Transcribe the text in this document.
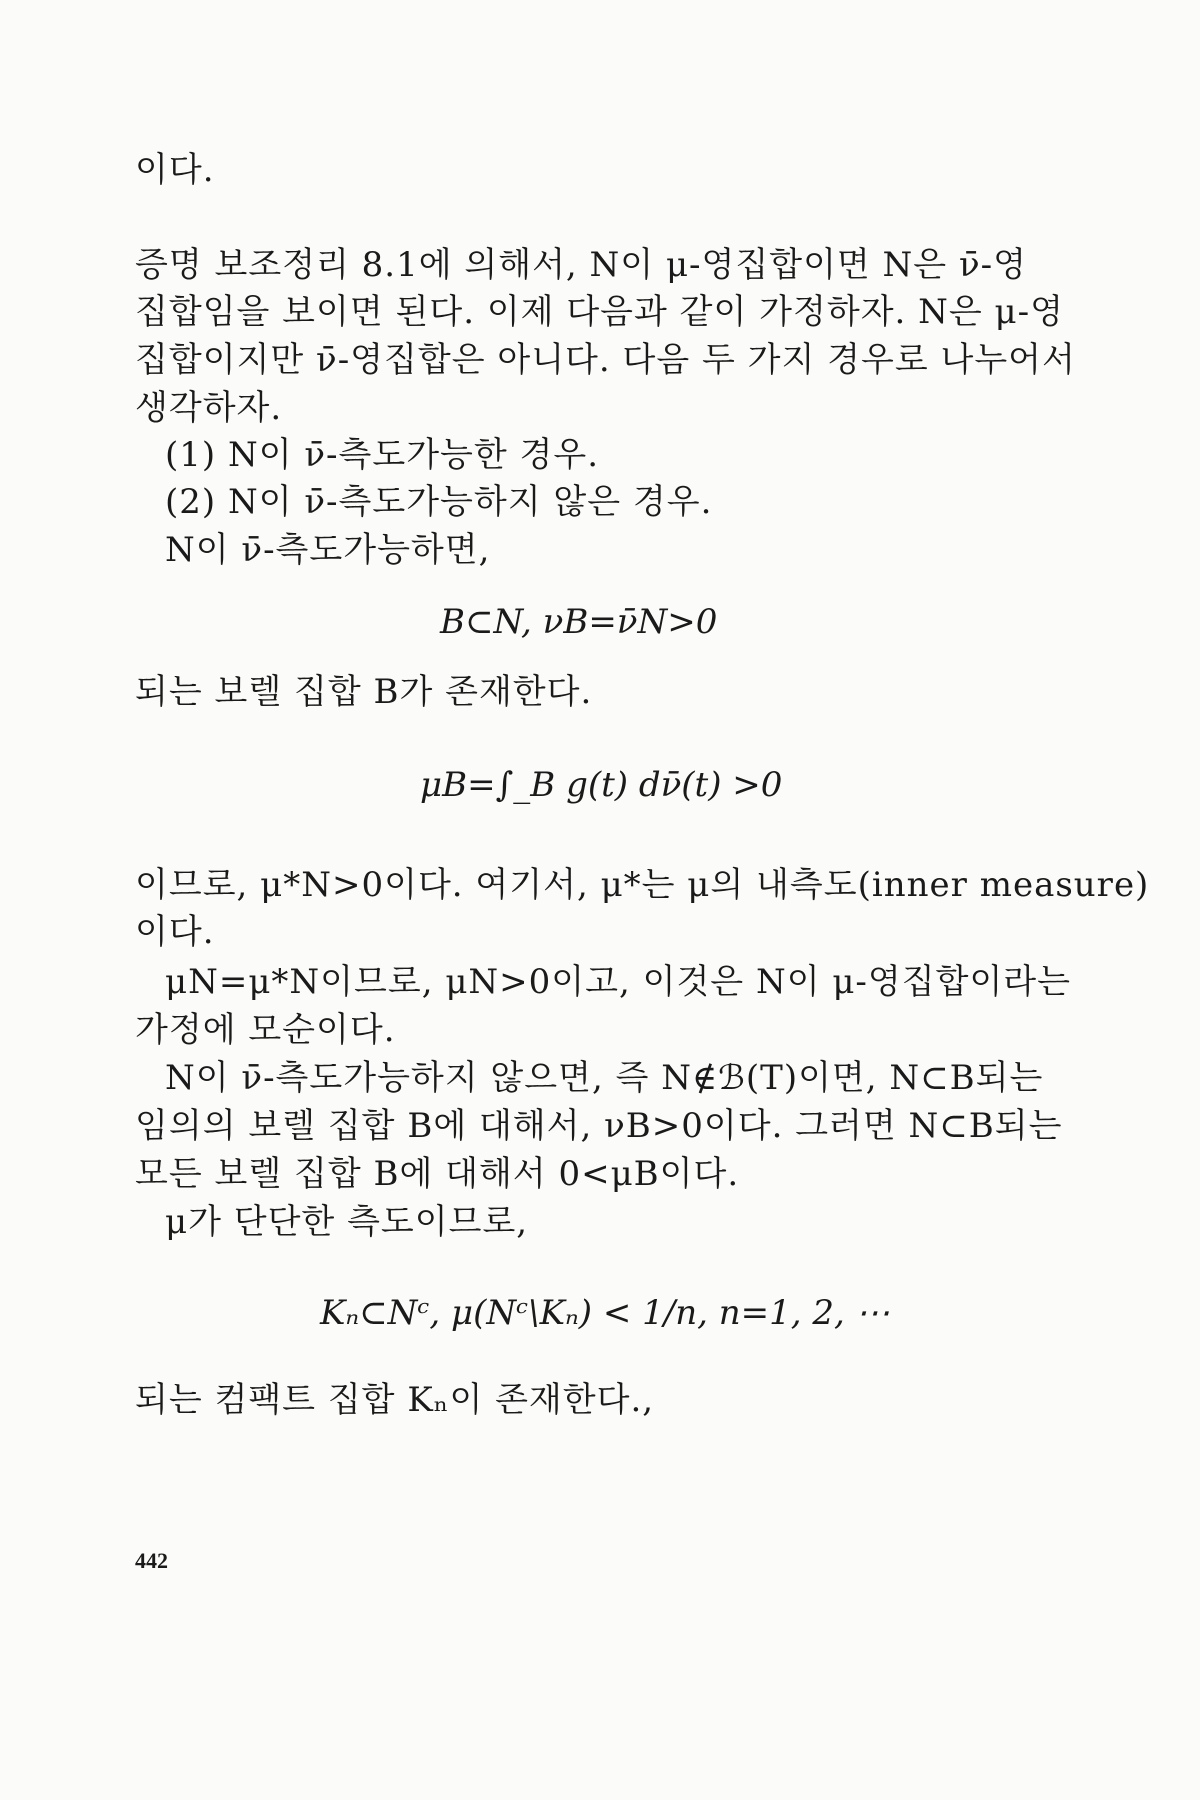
이다.
증명 보조정리 8.1에 의해서, N이 μ-영집합이면 N은 ν̄-영
집합임을 보이면 된다. 이제 다음과 같이 가정하자. N은 μ-영
집합이지만 ν̄-영집합은 아니다. 다음 두 가지 경우로 나누어서
생각하자.
(1) N이 ν̄-측도가능한 경우.
(2) N이 ν̄-측도가능하지 않은 경우.
N이 ν̄-측도가능하면,
B⊂N, νB=ν̄N>0
되는 보렐 집합 B가 존재한다.
μB=∫_B g(t) dν̄(t) >0
이므로, μ*N>0이다. 여기서, μ*는 μ의 내측도(inner measure)
이다.
μN=μ*N이므로, μN>0이고, 이것은 N이 μ-영집합이라는
가정에 모순이다.
N이 ν̄-측도가능하지 않으면, 즉 N∉ℬ(T)이면, N⊂B되는
임의의 보렐 집합 B에 대해서, νB>0이다. 그러면 N⊂B되는
모든 보렐 집합 B에 대해서 0<μB이다.
μ가 단단한 측도이므로,
Kₙ⊂Nᶜ, μ(Nᶜ\Kₙ) < 1/n, n=1, 2, ⋯
되는 컴팩트 집합 Kₙ이 존재한다.,
442
